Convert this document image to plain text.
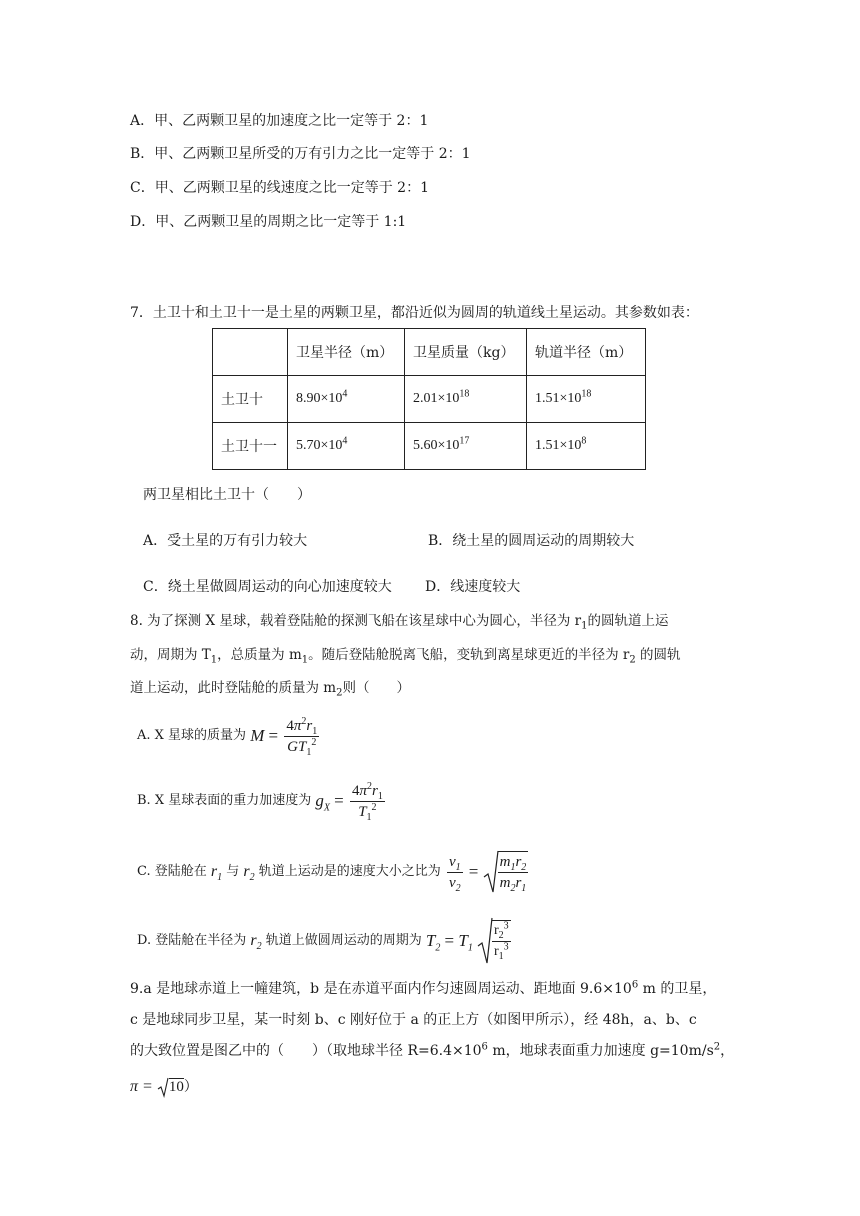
A．甲、乙两颗卫星的加速度之比一定等于 2：1
B．甲、乙两颗卫星所受的万有引力之比一定等于 2：1
C．甲、乙两颗卫星的线速度之比一定等于 2：1
D．甲、乙两颗卫星的周期之比一定等于 1:1
7．土卫十和土卫十一是土星的两颗卫星，都沿近似为圆周的轨道线土星运动。其参数如表：
	卫星半径（m）	卫星质量（kg）	轨道半径（m）
土卫十	$8.90\times 10^4$	$2.01\times 10^{18}$	$1.51\times 10^{18}$
土卫十一	$5.70\times 10^4$	$5.60\times 10^{17}$	$1.51\times 10^8$
两卫星相比土卫十（　　）
A．受土星的万有引力较大	B．绕土星的圆周运动的周期较大
C．绕土星做圆周运动的向心加速度较大 D．线速度较大
8. 为了探测 X 星球，载着登陆舱的探测飞船在该星球中心为圆心，半径为 $r_1$的圆轨道上运
动，周期为 $T_1$，总质量为 $m_1$。随后登陆舱脱离飞船，变轨到离星球更近的半径为 $r_2$ 的圆轨
道上运动，此时登陆舱的质量为 $m_2$则（　　）
A. X 星球的质量为 $M = \frac{4\pi^2r_1}{GT_1^2}$
B. X 星球表面的重力加速度为 $g_X = \frac{4\pi^2r_1}{T_1^2}$
C. 登陆舱在 $r_1$ 与 $r_2$ 轨道上运动是的速度大小之比为 $\frac{v_1}{v_2} = \frac{m_1r_2}{m_2r_1}$
D. 登陆舱在半径为 $r_2$ 轨道上做圆周运动的周期为 $T_2 = T_1 \frac{r_2^3}{r_1^3}$
9.a 是地球赤道上一幢建筑，b 是在赤道平面内作匀速圆周运动、距地面 $9.6\times 10^6$ m 的卫星，
c 是地球同步卫星，某一时刻 b、c 刚好位于 a 的正上方（如图甲所示），经 48h，a、b、c
的大致位置是图乙中的（　　）（取地球半径 $R=6.4\times 10^6$ m，地球表面重力加速度 $g=10m/s^2$，
π = 10）
